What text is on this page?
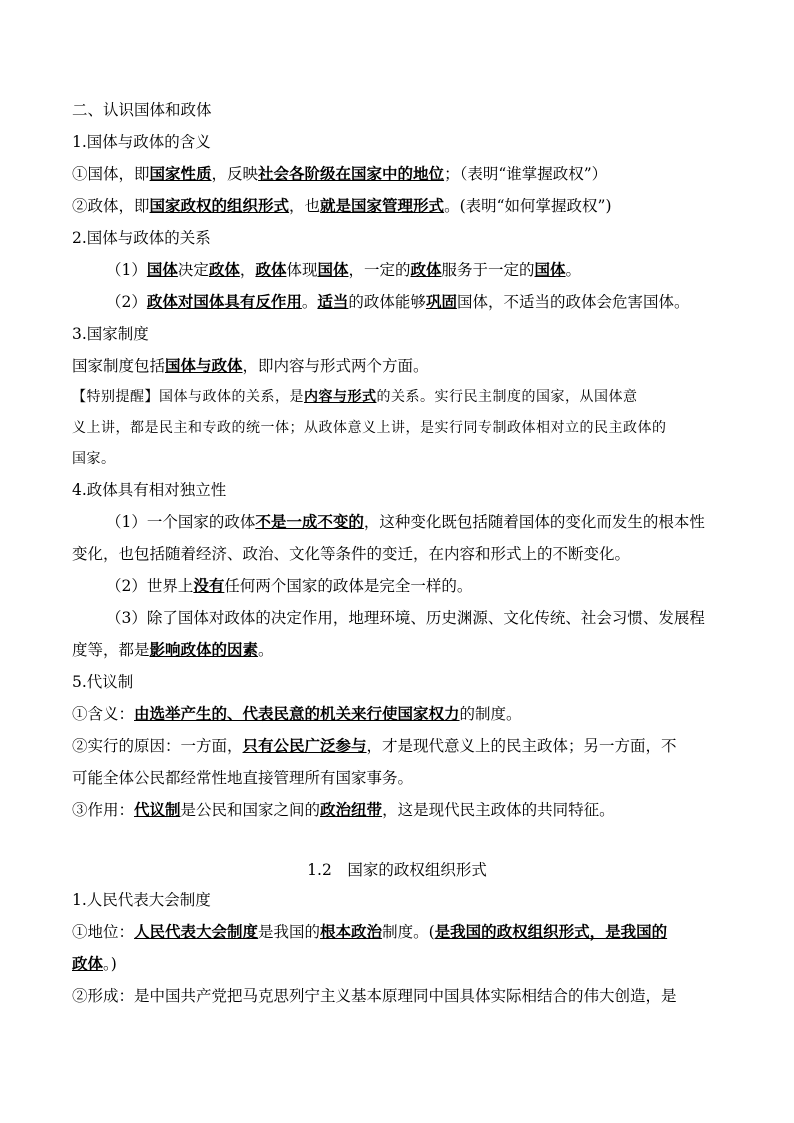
二、认识国体和政体
1.国体与政体的含义
①国体，即国家性质，反映社会各阶级在国家中的地位；（表明“谁掌握政权”）
②政体，即国家政权的组织形式，也就是国家管理形式。(表明“如何掌握政权”)
2.国体与政体的关系
（1）国体决定政体，政体体现国体，一定的政体服务于一定的国体。
（2）政体对国体具有反作用。适当的政体能够巩固国体，不适当的政体会危害国体。
3.国家制度
国家制度包括国体与政体，即内容与形式两个方面。
【特别提醒】国体与政体的关系，是内容与形式的关系。实行民主制度的国家，从国体意
义上讲，都是民主和专政的统一体；从政体意义上讲，是实行同专制政体相对立的民主政体的
国家。
4.政体具有相对独立性
（1）一个国家的政体不是一成不变的，这种变化既包括随着国体的变化而发生的根本性
变化，也包括随着经济、政治、文化等条件的变迁，在内容和形式上的不断变化。
（2）世界上没有任何两个国家的政体是完全一样的。
（3）除了国体对政体的决定作用，地理环境、历史渊源、文化传统、社会习惯、发展程
度等，都是影响政体的因素。
5.代议制
①含义：由选举产生的、代表民意的机关来行使国家权力的制度。
②实行的原因：一方面，只有公民广泛参与，才是现代意义上的民主政体；另一方面，不
可能全体公民都经常性地直接管理所有国家事务。
③作用：代议制是公民和国家之间的政治纽带，这是现代民主政体的共同特征。
1.2　国家的政权组织形式
1.人民代表大会制度
①地位：人民代表大会制度是我国的根本政治制度。(是我国的政权组织形式，是我国的
政体。)
②形成：是中国共产党把马克思列宁主义基本原理同中国具体实际相结合的伟大创造，是
